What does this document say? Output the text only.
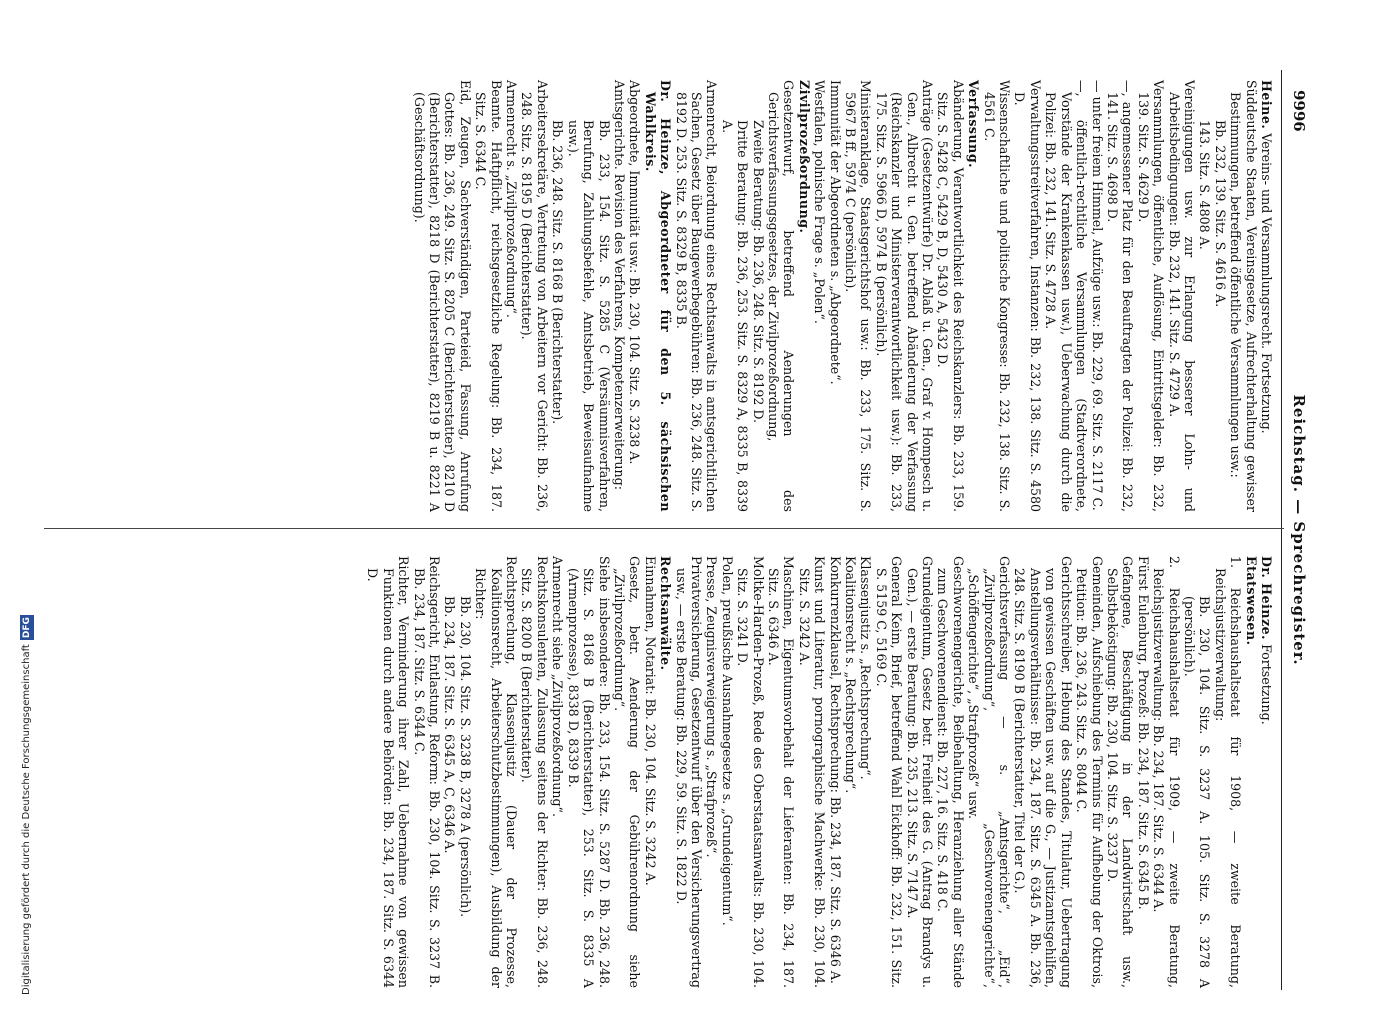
9996
Reichstag. — Sprechregister.

Heine. Vereins- und Versammlungsrecht. Fortsetzung.

Süddeutsche Staaten, Vereinsgesetze, Aufrechterhaltung gewisser Bestimmungen, betreffend öffentliche Versammlungen usw.:

Bb. 232, 139. Sitz. S. 4616 A.

143. Sitz. S. 4808 A.

Vereinigungen usw. zur Erlangung besserer Lohn- und Arbeitsbedingungen: Bb. 232, 141. Sitz. S. 4729 A.

Versammlungen, öffentliche, Auflösung, Eintrittsgelder: Bb. 232, 139. Sitz. S. 4629 D.

—, angemessener Platz für den Beauftragten der Polizei: Bb. 232, 141. Sitz. S. 4698 D.

— unter freiem Himmel, Aufzüge usw.: Bb. 229, 69. Sitz. S. 2117 C.

—, öffentlich-rechtliche Versammlungen (Stadtverordnete, Vorstände der Krankenkassen usw.), Ueberwachung durch die Polizei: Bb. 232, 141. Sitz. S. 4728 A.

Verwaltungsstreitverfahren, Instanzen: Bb. 232, 138. Sitz. S. 4580 D.

Wissenschaftliche und politische Kongresse: Bb. 232, 138. Sitz. S. 4561 C.

Verfassung.

Abänderung, Verantwortlichkeit des Reichskanzlers: Bb. 233, 159. Sitz. S. 5428 C, 5429 B, D, 5430 A, 5432 D.

Anträge (Gesetzentwürfe) Dr. Ablaß u. Gen., Graf v. Hompesch u. Gen., Albrecht u. Gen. betreffend Abänderung der Verfassung (Reichskanzler und Ministerverantwortlichkeit usw.): Bb. 233, 175. Sitz. S. 5966 D, 5974 B (persönlich).

Ministeranklage, Staatsgerichtshof usw.: Bb. 233, 175. Sitz. S. 5967 B ff., 5974 C (persönlich).

Immunität der Abgeordneten s. „Abgeordnete“.

Westfalen, polnische Frage s. „Polen“.

Zivilprozeßordnung.

Gesetzentwurf, betreffend Aenderungen des Gerichtsverfassungsgesetzes, der Zivilprozeßordnung,

Zweite Beratung: Bb. 236, 248. Sitz. S. 8192 D.

Dritte Beratung: Bb. 236, 253. Sitz. S. 8329 A, 8335 B, 8339 A.

Armenrecht, Beiordnung eines Rechtsanwalts in amtsgerichtlichen Sachen, Gesetz über Baugewerbegebühren: Bb. 236, 248. Sitz. S. 8192 D. 253. Sitz. S. 8329 B, 8335 B.

Dr. Heinze, Abgeordneter für den 5. sächsischen Wahlkreis.

Abgeordnete, Immunität usw.: Bb. 230, 104. Sitz. S. 3238 A.

Amtsgerichte. Revision des Verfahrens, Kompetenzerweiterung:

Bb. 233, 154. Sitz. S. 5285 C (Versäumnisverfahren, Berufung, Zahlungsbefehle, Amtsbetrieb, Beweisaufnahme usw.).

Bb. 236, 248. Sitz. S. 8168 B (Berichterstatter).

Arbeitersekretäre, Vertretung von Arbeitern vor Gericht: Bb. 236, 248. Sitz. S. 8195 D (Berichterstatter).

Armenrecht s. „Zivilprozeßordnung“.

Beamte. Haftpflicht, reichsgesetzliche Regelung: Bb. 234, 187. Sitz. S. 6344 C.

Eid, Zeugen, Sachverständigen, Parteieid, Fassung, Anrufung Gottes: Bb. 236, 249. Sitz. S. 8205 C (Berichterstatter), 8210 D (Berichterstatter), 8218 D (Berichterstatter), 8219 B u. 8221 A (Geschäftsordnung).

Dr. Heinze. Fortsetzung.

Etatswesen.

1. Reichshaushaltsetat für 1908, — zweite Beratung, Reichsjustizverwaltung:

Bb. 230, 104. Sitz. S. 3237 A. 105. Sitz. S. 3278 A (persönlich).

2. Reichshaushaltsetat für 1909, — zweite Beratung, Reichsjustizverwaltung: Bb. 234, 187. Sitz. S. 6344 A.

Fürst Eulenburg, Prozeß: Bb. 234, 187. Sitz. S. 6345 B.

Gefangene, Beschäftigung in der Landwirtschaft usw., Selbstbeköstigung: Bb. 230, 104. Sitz. S. 3237 D.

Gemeinden, Aufschiebung des Termins für Aufhebung der Oktrois, Petition: Bb. 236, 243. Sitz. S. 8044 C.

Gerichtsschreiber, Hebung des Standes, Titulatur, Uebertragung von gewissen Geschäften usw. auf die G., — Justizamtsgehilfen, Anstellungsverhältnisse: Bb. 234, 187. Sitz. S. 6345 A. Bb. 236, 248. Sitz. S. 8190 B (Berichterstatter, Titel der G.).

Gerichtsverfassung — s. „Amtsgerichte“, „Eid“, „Zivilprozeßordnung“, „Geschworenengerichte“, „Schöffengerichte“, „Strafprozeß“ usw.

Geschworenengerichte, Beibehaltung, Heranziehung aller Stände zum Geschworenendienst: Bb. 227, 16. Sitz. S. 418 C.

Grundeigentum, Gesetz betr. Freiheit des G. (Antrag Brandys u. Gen.), — erste Beratung: Bb. 235, 213. Sitz. S. 7147 A.

General Keim, Brief, betreffend Wahl Eickhoff: Bb. 232, 151. Sitz. S. 5159 C, 5169 C.

Klassenjustiz s. „Rechtsprechung“.

Koalitionsrecht s. „Rechtsprechung“.

Konkurrenzklausel, Rechtsprechung: Bb. 234, 187. Sitz. S. 6346 A.

Kunst und Literatur, pornographische Machwerke: Bb. 230, 104. Sitz. S. 3242 A.

Maschinen, Eigentumsvorbehalt der Lieferanten: Bb. 234, 187. Sitz. S. 6346 A.

Moltke-Harden-Prozeß, Rede des Oberstaatsanwalts: Bb. 230, 104. Sitz. S. 3241 D.

Polen, preußische Ausnahmegesetze s. „Grundeigentum“.

Presse, Zeugnisverweigerung s. „Strafprozeß“.

Privatversicherung, Gesetzentwurf über den Versicherungsvertrag usw., — erste Beratung: Bb. 229, 59. Sitz. S. 1822 D.

Rechtsanwälte.

Einnahmen, Notariat: Bb. 230, 104. Sitz. S. 3242 A.

Gesetz, betr. Aenderung der Gebührenordnung siehe „Zivilprozeßordnung“.

Siehe insbesondere: Bb. 233, 154. Sitz. S. 5287 D. Bb. 236, 248. Sitz. S. 8168 B (Berichterstatter), 253. Sitz. S. 8335 A (Armenprozesse), 8338 D, 8339 B.

Armenrecht siehe „Zivilprozeßordnung“.

Rechtskonsulenten, Zulassung seitens der Richter: Bb. 236, 248. Sitz. S. 8200 B (Berichterstatter).

Rechtsprechung, Klassenjustiz (Dauer der Prozesse, Koalitionsrecht, Arbeiterschutzbestimmungen), Ausbildung der Richter:

Bb. 230, 104. Sitz. S. 3238 B, 3278 A (persönlich).

Bb. 234, 187. Sitz. S. 6345 A, C, 6346 A.

Reichsgericht, Entlastung, Reform: Bb. 230, 104. Sitz. S. 3237 B. Bb. 234, 187. Sitz. S. 6344 C.

Richter, Verminderung ihrer Zahl, Uebernahme von gewissen Funktionen durch andere Behörden: Bb. 234, 187. Sitz. S. 6344 D.

Digitalisierung gefördert durch die Deutsche ForschungsgemeinschaftDFG
